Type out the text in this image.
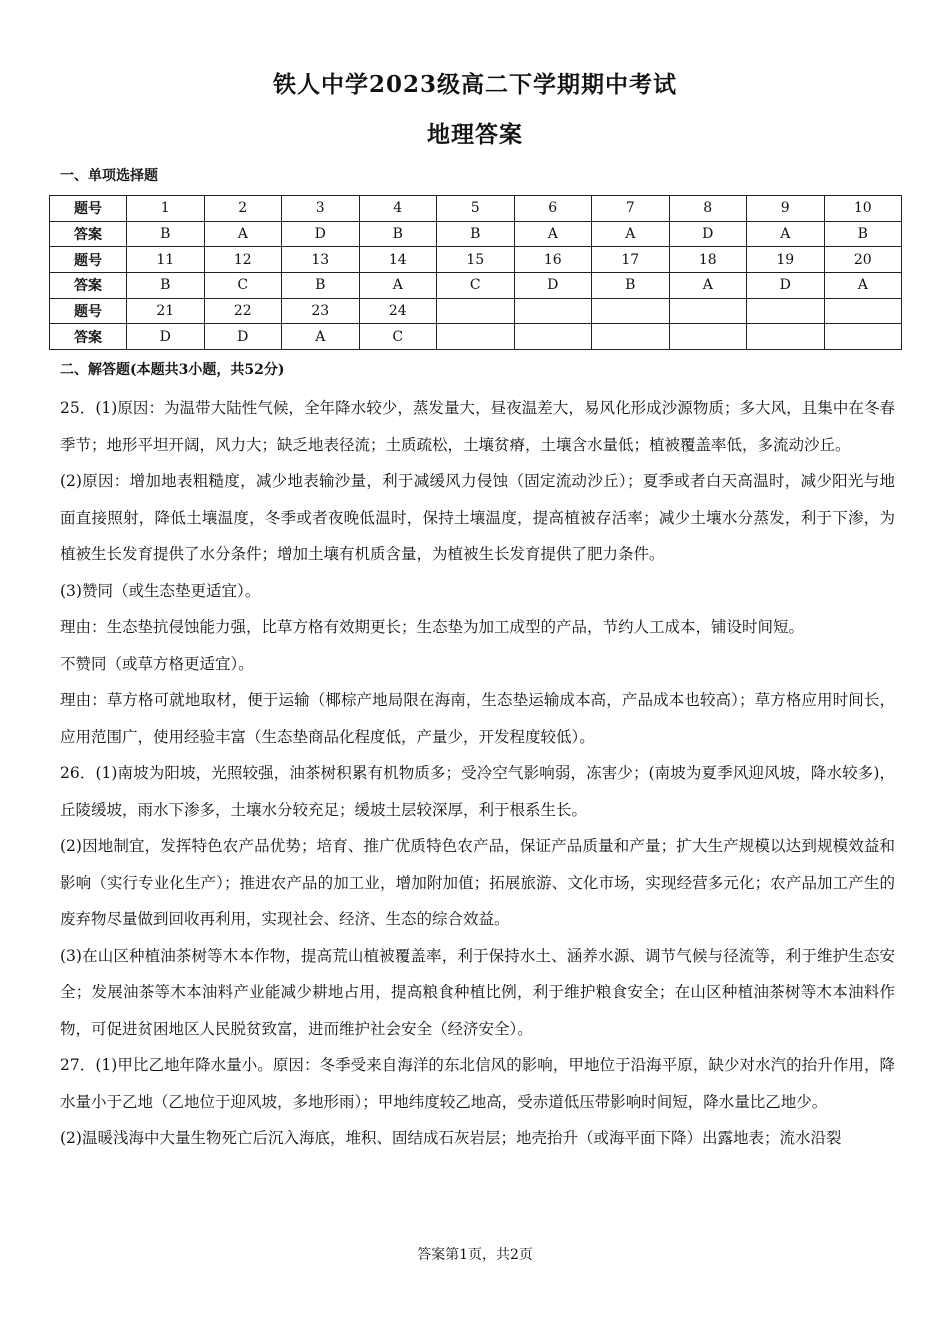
铁人中学2023级高二下学期期中考试
地理答案
一、单项选择题
题号	1	2	3	4	5	6	7	8	9	10
答案	B	A	D	B	B	A	A	D	A	B
题号	11	12	13	14	15	16	17	18	19	20
答案	B	C	B	A	C	D	B	A	D	A
题号	21	22	23	24						
答案	D	D	A	C						
二、解答题(本题共3小题，共52分)

25．(1)原因：为温带大陆性气候，全年降水较少，蒸发量大，昼夜温差大，易风化形成沙源物质；多大风，且集中在冬春季节；地形平坦开阔，风力大；缺乏地表径流；土质疏松，土壤贫瘠，土壤含水量低；植被覆盖率低，多流动沙丘。

(2)原因：增加地表粗糙度，减少地表输沙量，利于减缓风力侵蚀（固定流动沙丘）；夏季或者白天高温时，减少阳光与地面直接照射，降低土壤温度，冬季或者夜晚低温时，保持土壤温度，提高植被存活率；减少土壤水分蒸发，利于下渗，为植被生长发育提供了水分条件；增加土壤有机质含量，为植被生长发育提供了肥力条件。

(3)赞同（或生态垫更适宜）。

理由：生态垫抗侵蚀能力强，比草方格有效期更长；生态垫为加工成型的产品，节约人工成本，铺设时间短。

不赞同（或草方格更适宜）。

理由：草方格可就地取材，便于运输（椰棕产地局限在海南，生态垫运输成本高，产品成本也较高）；草方格应用时间长，应用范围广，使用经验丰富（生态垫商品化程度低，产量少，开发程度较低）。

26．(1)南坡为阳坡，光照较强，油茶树积累有机物质多；受冷空气影响弱，冻害少；(南坡为夏季风迎风坡，降水较多)，丘陵缓坡，雨水下渗多，土壤水分较充足；缓坡土层较深厚，利于根系生长。

(2)因地制宜，发挥特色农产品优势；培育、推广优质特色农产品，保证产品质量和产量；扩大生产规模以达到规模效益和影响（实行专业化生产）；推进农产品的加工业，增加附加值；拓展旅游、文化市场，实现经营多元化；农产品加工产生的废弃物尽量做到回收再利用，实现社会、经济、生态的综合效益。

(3)在山区种植油茶树等木本作物，提高荒山植被覆盖率，利于保持水土、涵养水源、调节气候与径流等，利于维护生态安全；发展油茶等木本油料产业能减少耕地占用，提高粮食种植比例，利于维护粮食安全；在山区种植油茶树等木本油料作物，可促进贫困地区人民脱贫致富，进而维护社会安全（经济安全）。

27．(1)甲比乙地年降水量小。原因：冬季受来自海洋的东北信风的影响，甲地位于沿海平原，缺少对水汽的抬升作用，降水量小于乙地（乙地位于迎风坡，多地形雨）；甲地纬度较乙地高，受赤道低压带影响时间短，降水量比乙地少。

(2)温暖浅海中大量生物死亡后沉入海底，堆积、固结成石灰岩层；地壳抬升（或海平面下降）出露地表；流水沿裂

答案第1页，共2页
